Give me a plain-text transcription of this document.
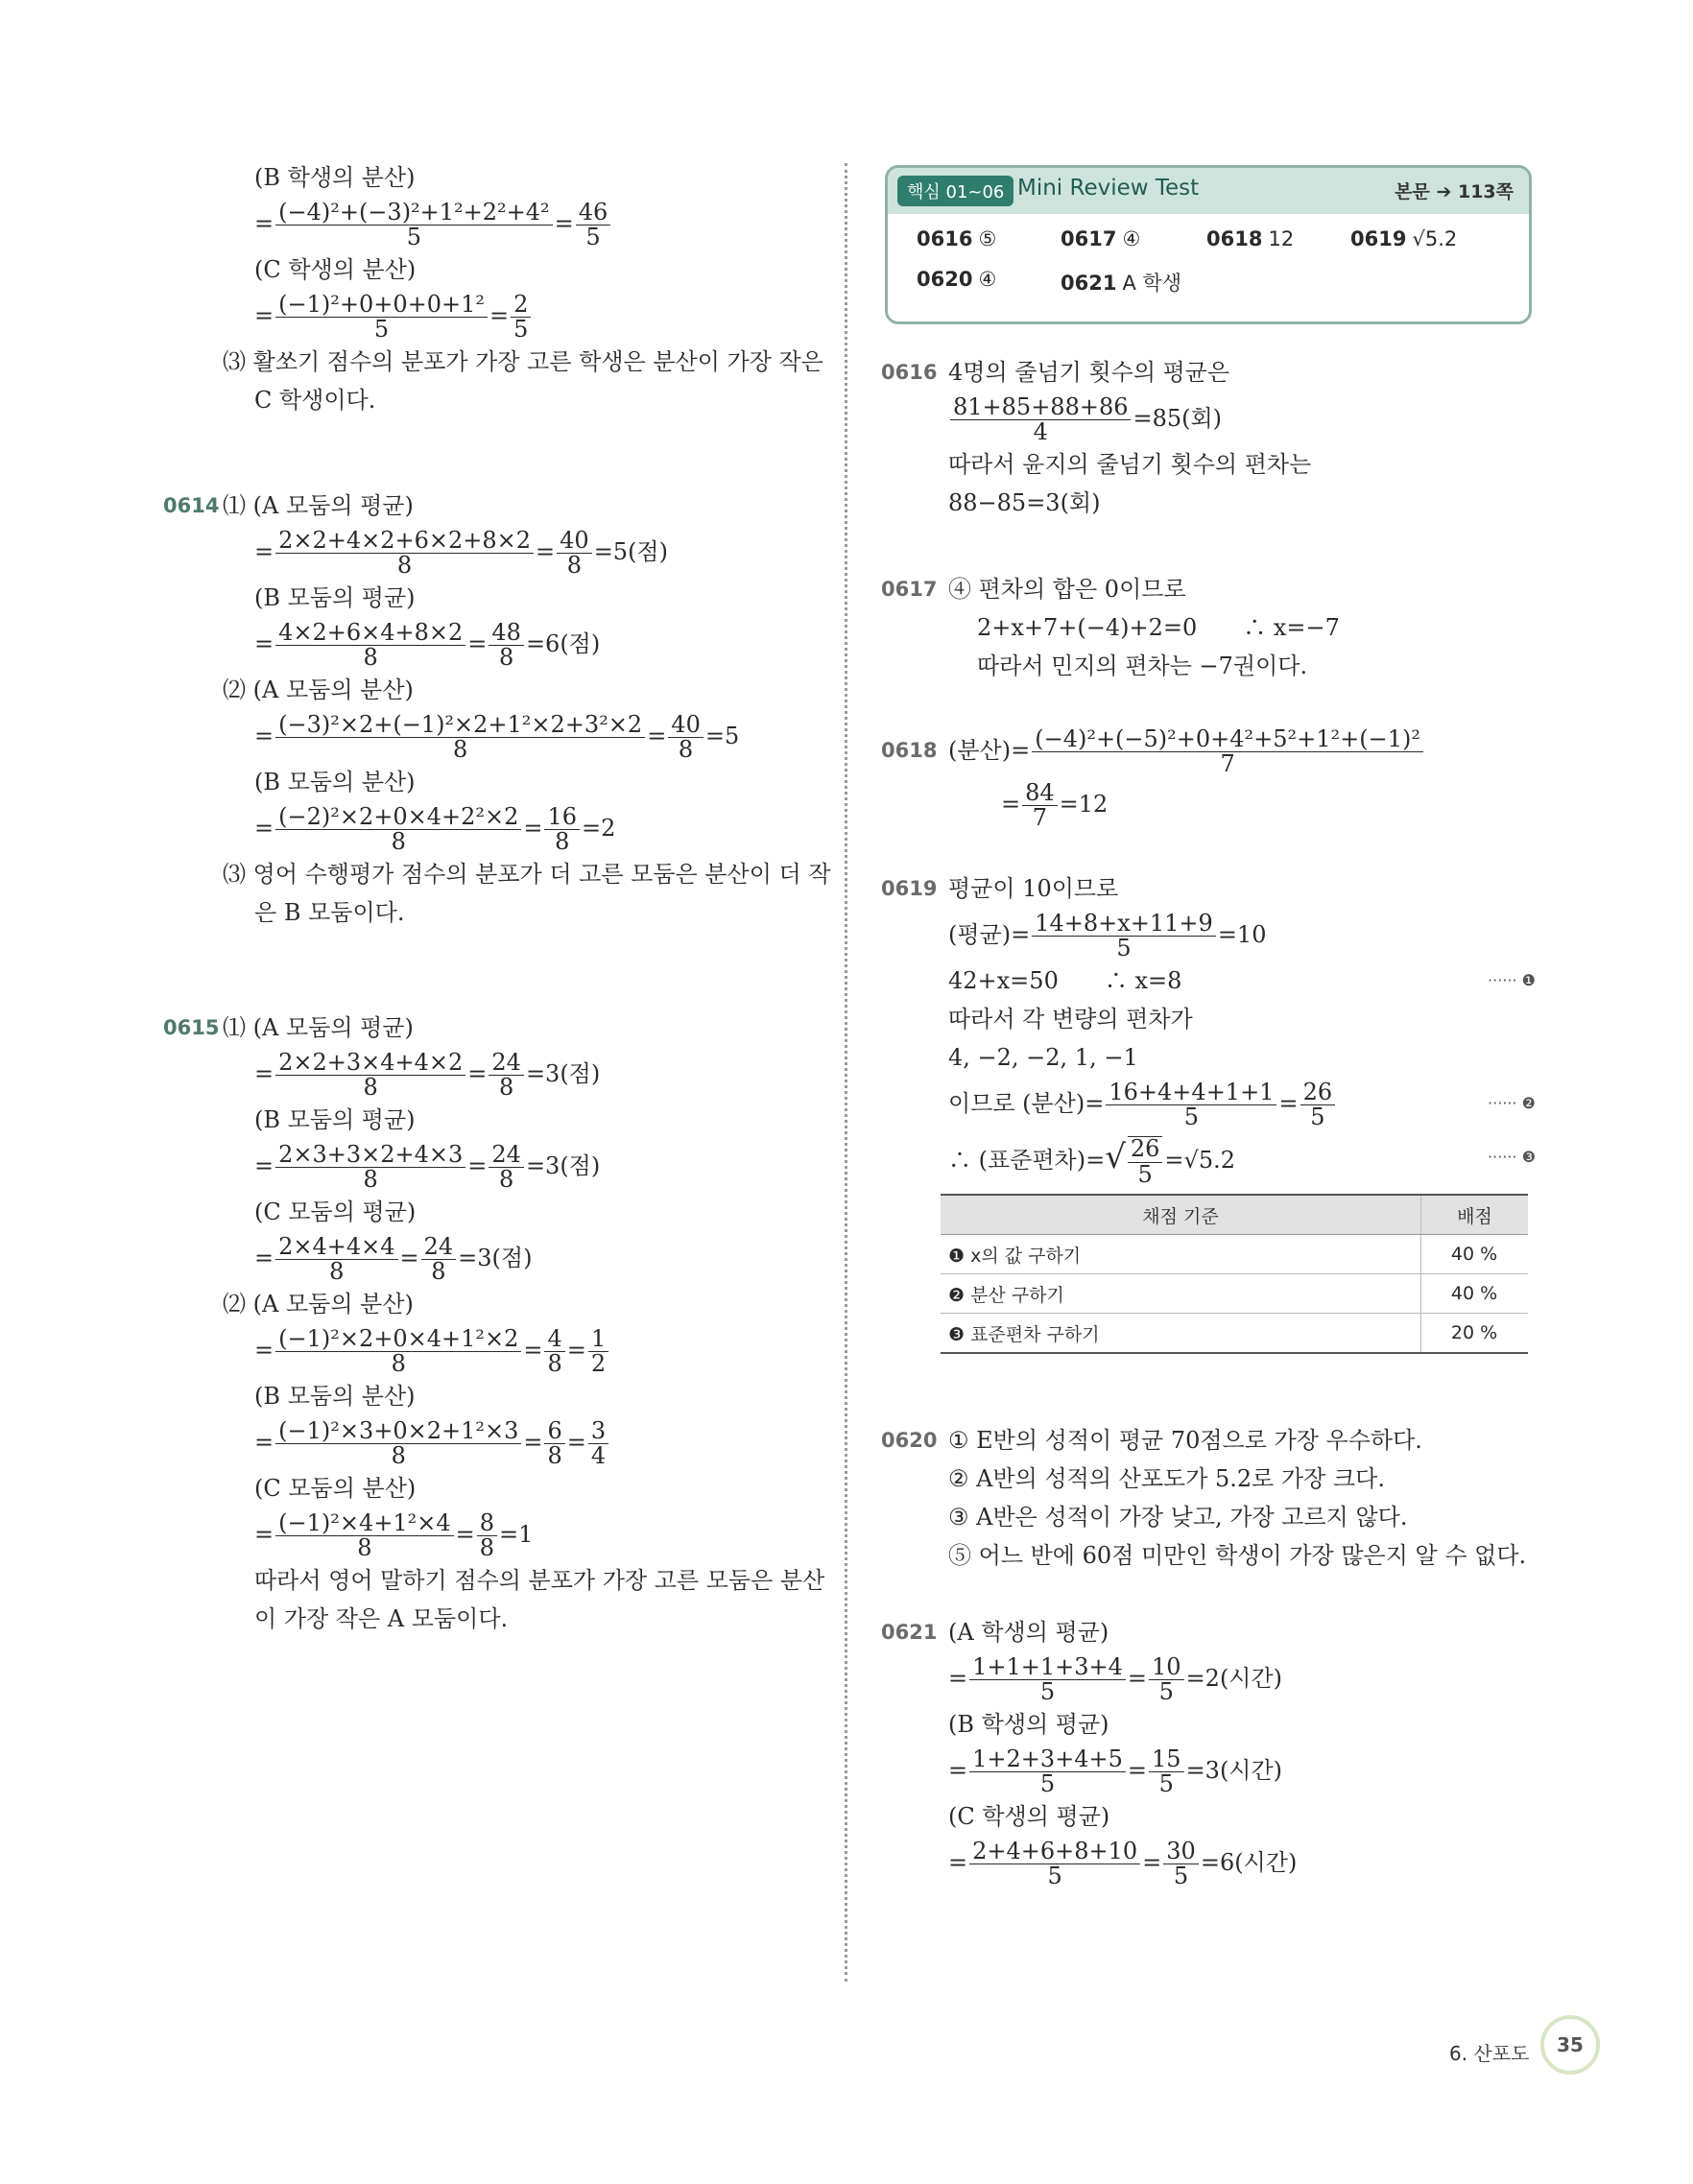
(B 학생의 분산)
= $\frac{\text{(−4)²+(−3)²+1²+2²+4²}}{5} = \frac{46}{5}$
(C 학생의 분산)
= $\frac{\text{(−1)²+0+0+0+1²}}{5} = \frac{2}{5}$
⑶ 활쏘기 점수의 분포가 가장 고른 학생은 분산이 가장 작은
C 학생이다.
0614 ⑴ (A 모둠의 평균)
= $\frac{2\times 2+4\times 2+6\times 2+8\times 2}{8} = \frac{40}{8} =5$(점)
(B 모둠의 평균)
= $\frac{4\times 2+6\times 4+8\times 2}{8} = \frac{48}{8} =6$(점)
⑵ (A 모둠의 분산)
= $\frac{\text{(−3)²×2+(−1)²×2+1²×2+3²×2}}{8} = \frac{40}{8} =5$
(B 모둠의 분산)
= $\frac{\text{(−2)²×2+0×4+2²×2}}{8} = \frac{16}{8} =2$
⑶ 영어 수행평가 점수의 분포가 더 고른 모둠은 분산이 더 작
은 B 모둠이다.
0615 ⑴ (A 모둠의 평균)
= $\frac{2\times 2+3\times 4+4\times 2}{8} = \frac{24}{8} =3$(점)
(B 모둠의 평균)
= $\frac{2\times 3+3\times 2+4\times 3}{8} = \frac{24}{8} =3$(점)
(C 모둠의 평균)
= $\frac{2\times 4+4\times 4}{8} = \frac{24}{8} =3$(점)
⑵ (A 모둠의 분산)
= $\frac{\text{(−1)²×2+0×4+1²×2}}{8} = \frac{4}{8} = \frac{1}{2}$
(B 모둠의 분산)
= $\frac{\text{(−1)²×3+0×2+1²×3}}{8} = \frac{6}{8} = \frac{3}{4}$
(C 모둠의 분산)
= $\frac{\text{(−1)²×4+1²×4}}{8} = \frac{8}{8} =1$
따라서 영어 말하기 점수의 분포가 가장 고른 모둠은 분산
이 가장 작은 A 모둠이다.
핵심 01~06 Mini Review Test	본문 ➔ 113쪽
0616 ⑤	0617 ④	0618 12	0619 √5.2
0620 ④	0621 A 학생
0616 4명의 줄넘기 횟수의 평균은
$\frac{81+85+88+86}{4} =85$(회)
따라서 윤지의 줄넘기 횟수의 편차는
88−85=3(회)
0617 ④ 편차의 합은 0이므로
2+x+7+(−4)+2=0　　∴ x=−7
따라서 민지의 편차는 −7권이다.
0618 (분산)= $\frac{\text{(−4)²+(−5)²+0+4²+5²+1²+(−1)²}}{7}$
= $\frac{84}{7} =12$
0619 평균이 10이므로
(평균)= $\frac{14+8+x+11+9}{5} =10$
42+x=50　　∴ x=8	······ ❶
따라서 각 변량의 편차가
4, −2, −2, 1, −1
이므로 (분산)= $\frac{16+4+4+1+1}{5} = \frac{26}{5}$	······ ❷
∴ (표준편차)=√ $\frac{26}{5} =√5.2$	······ ❸
채점 기준	배점
❶ x의 값 구하기	40 %
❷ 분산 구하기	40 %
❸ 표준편차 구하기	20 %
0620 ① E반의 성적이 평균 70점으로 가장 우수하다.
② A반의 성적의 산포도가 5.2로 가장 크다.
③ A반은 성적이 가장 낮고, 가장 고르지 않다.
⑤ 어느 반에 60점 미만인 학생이 가장 많은지 알 수 없다.
0621 (A 학생의 평균)
= $\frac{1+1+1+3+4}{5} = \frac{10}{5} =2$(시간)
(B 학생의 평균)
= $\frac{1+2+3+4+5}{5} = \frac{15}{5} =3$(시간)
(C 학생의 평균)
= $\frac{2+4+6+8+10}{5} = \frac{30}{5} =6$(시간)
6. 산포도	35
